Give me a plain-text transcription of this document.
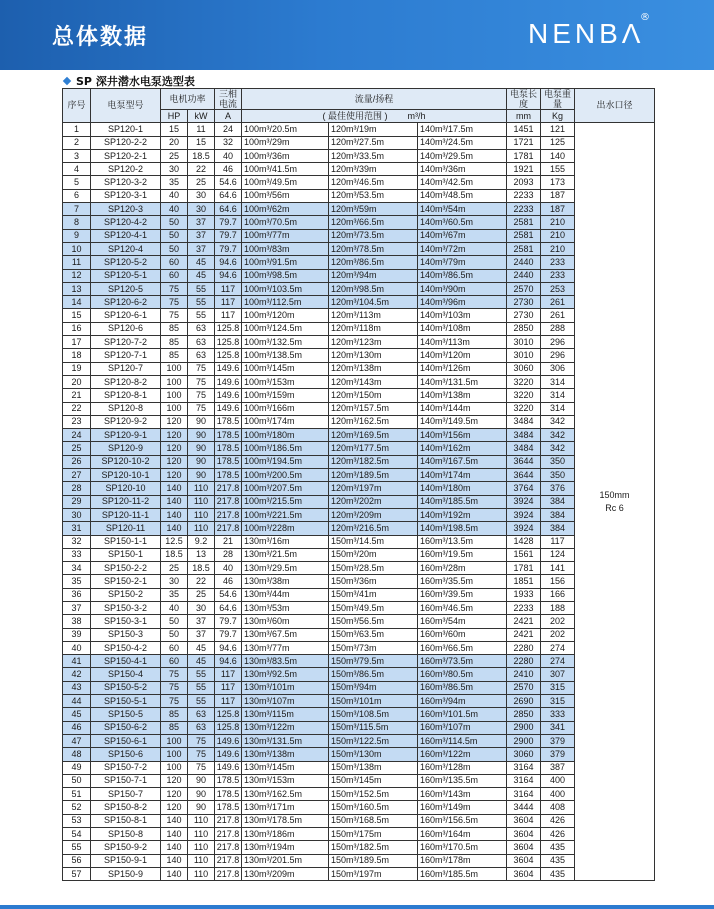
总体数据	NENBΛ
®
SP 深井潜水电泵选型表
序号	电泵型号	电机功率		三相电流	流量/扬程			电泵长度	电泵重量	出水口径

		HP	kW	A	( 最佳使用范围 ) m³/h			mm	Kg	
1	SP120-1	15	11	24	100m³/20.5m	120m³/19m	140m³/17.5m	1451	121	150mm
Rc 6

2	SP120-2-2	20	15	32	100m³/29m	120m³/27.5m	140m³/24.5m	1721	125	
3	SP120-2-1	25	18.5	40	100m³/36m	120m³/33.5m	140m³/29.5m	1781	140	
4	SP120-2	30	22	46	100m³/41.5m	120m³/39m	140m³/36m	1921	155	
5	SP120-3-2	35	25	54.6	100m³/49.5m	120m³/46.5m	140m³/42.5m	2093	173	
6	SP120-3-1	40	30	64.6	100m³/56m	120m³/53.5m	140m³/48.5m	2233	187	
7	SP120-3	40	30	64.6	100m³/62m	120m³/59m	140m³/54m	2233	187	
8	SP120-4-2	50	37	79.7	100m³/70.5m	120m³/66.5m	140m³/60.5m	2581	210	
9	SP120-4-1	50	37	79.7	100m³/77m	120m³/73.5m	140m³/67m	2581	210	
10	SP120-4	50	37	79.7	100m³/83m	120m³/78.5m	140m³/72m	2581	210	
11	SP120-5-2	60	45	94.6	100m³/91.5m	120m³/86.5m	140m³/79m	2440	233	
12	SP120-5-1	60	45	94.6	100m³/98.5m	120m³/94m	140m³/86.5m	2440	233	
13	SP120-5	75	55	117	100m³/103.5m	120m³/98.5m	140m³/90m	2570	253	
14	SP120-6-2	75	55	117	100m³/112.5m	120m³/104.5m	140m³/96m	2730	261	
15	SP120-6-1	75	55	117	100m³/120m	120m³/113m	140m³/103m	2730	261	
16	SP120-6	85	63	125.8	100m³/124.5m	120m³/118m	140m³/108m	2850	288	
17	SP120-7-2	85	63	125.8	100m³/132.5m	120m³/123m	140m³/113m	3010	296	
18	SP120-7-1	85	63	125.8	100m³/138.5m	120m³/130m	140m³/120m	3010	296	
19	SP120-7	100	75	149.6	100m³/145m	120m³/138m	140m³/126m	3060	306	
20	SP120-8-2	100	75	149.6	100m³/153m	120m³/143m	140m³/131.5m	3220	314	
21	SP120-8-1	100	75	149.6	100m³/159m	120m³/150m	140m³/138m	3220	314	
22	SP120-8	100	75	149.6	100m³/166m	120m³/157.5m	140m³/144m	3220	314	
23	SP120-9-2	120	90	178.5	100m³/174m	120m³/162.5m	140m³/149.5m	3484	342	
24	SP120-9-1	120	90	178.5	100m³/180m	120m³/169.5m	140m³/156m	3484	342	
25	SP120-9	120	90	178.5	100m³/186.5m	120m³/177.5m	140m³/162m	3484	342	
26	SP120-10-2	120	90	178.5	100m³/194.5m	120m³/182.5m	140m³/167.5m	3644	350	
27	SP120-10-1	120	90	178.5	100m³/200.5m	120m³/189.5m	140m³/174m	3644	350	
28	SP120-10	140	110	217.8	100m³/207.5m	120m³/197m	140m³/180m	3764	376	
29	SP120-11-2	140	110	217.8	100m³/215.5m	120m³/202m	140m³/185.5m	3924	384	
30	SP120-11-1	140	110	217.8	100m³/221.5m	120m³/209m	140m³/192m	3924	384	
31	SP120-11	140	110	217.8	100m³/228m	120m³/216.5m	140m³/198.5m	3924	384	
32	SP150-1-1	12.5	9.2	21	130m³/16m	150m³/14.5m	160m³/13.5m	1428	117	
33	SP150-1	18.5	13	28	130m³/21.5m	150m³/20m	160m³/19.5m	1561	124	
34	SP150-2-2	25	18.5	40	130m³/29.5m	150m³/28.5m	160m³/28m	1781	141	
35	SP150-2-1	30	22	46	130m³/38m	150m³/36m	160m³/35.5m	1851	156	
36	SP150-2	35	25	54.6	130m³/44m	150m³/41m	160m³/39.5m	1933	166	
37	SP150-3-2	40	30	64.6	130m³/53m	150m³/49.5m	160m³/46.5m	2233	188	
38	SP150-3-1	50	37	79.7	130m³/60m	150m³/56.5m	160m³/54m	2421	202	
39	SP150-3	50	37	79.7	130m³/67.5m	150m³/63.5m	160m³/60m	2421	202	
40	SP150-4-2	60	45	94.6	130m³/77m	150m³/73m	160m³/66.5m	2280	274	
41	SP150-4-1	60	45	94.6	130m³/83.5m	150m³/79.5m	160m³/73.5m	2280	274	
42	SP150-4	75	55	117	130m³/92.5m	150m³/86.5m	160m³/80.5m	2410	307	
43	SP150-5-2	75	55	117	130m³/101m	150m³/94m	160m³/86.5m	2570	315	
44	SP150-5-1	75	55	117	130m³/107m	150m³/101m	160m³/94m	2690	315	
45	SP150-5	85	63	125.8	130m³/115m	150m³/108.5m	160m³/101.5m	2850	333	
46	SP150-6-2	85	63	125.8	130m³/122m	150m³/115.5m	160m³/107m	2900	341	
47	SP150-6-1	100	75	149.6	130m³/131.5m	150m³/122.5m	160m³/114.5m	2900	379	
48	SP150-6	100	75	149.6	130m³/138m	150m³/130m	160m³/122m	3060	379	
49	SP150-7-2	100	75	149.6	130m³/145m	150m³/138m	160m³/128m	3164	387	
50	SP150-7-1	120	90	178.5	130m³/153m	150m³/145m	160m³/135.5m	3164	400	
51	SP150-7	120	90	178.5	130m³/162.5m	150m³/152.5m	160m³/143m	3164	400	
52	SP150-8-2	120	90	178.5	130m³/171m	150m³/160.5m	160m³/149m	3444	408	
53	SP150-8-1	140	110	217.8	130m³/178.5m	150m³/168.5m	160m³/156.5m	3604	426	
54	SP150-8	140	110	217.8	130m³/186m	150m³/175m	160m³/164m	3604	426	
55	SP150-9-2	140	110	217.8	130m³/194m	150m³/182.5m	160m³/170.5m	3604	435	
56	SP150-9-1	140	110	217.8	130m³/201.5m	150m³/189.5m	160m³/178m	3604	435	
57	SP150-9	140	110	217.8	130m³/209m	150m³/197m	160m³/185.5m	3604	435	
